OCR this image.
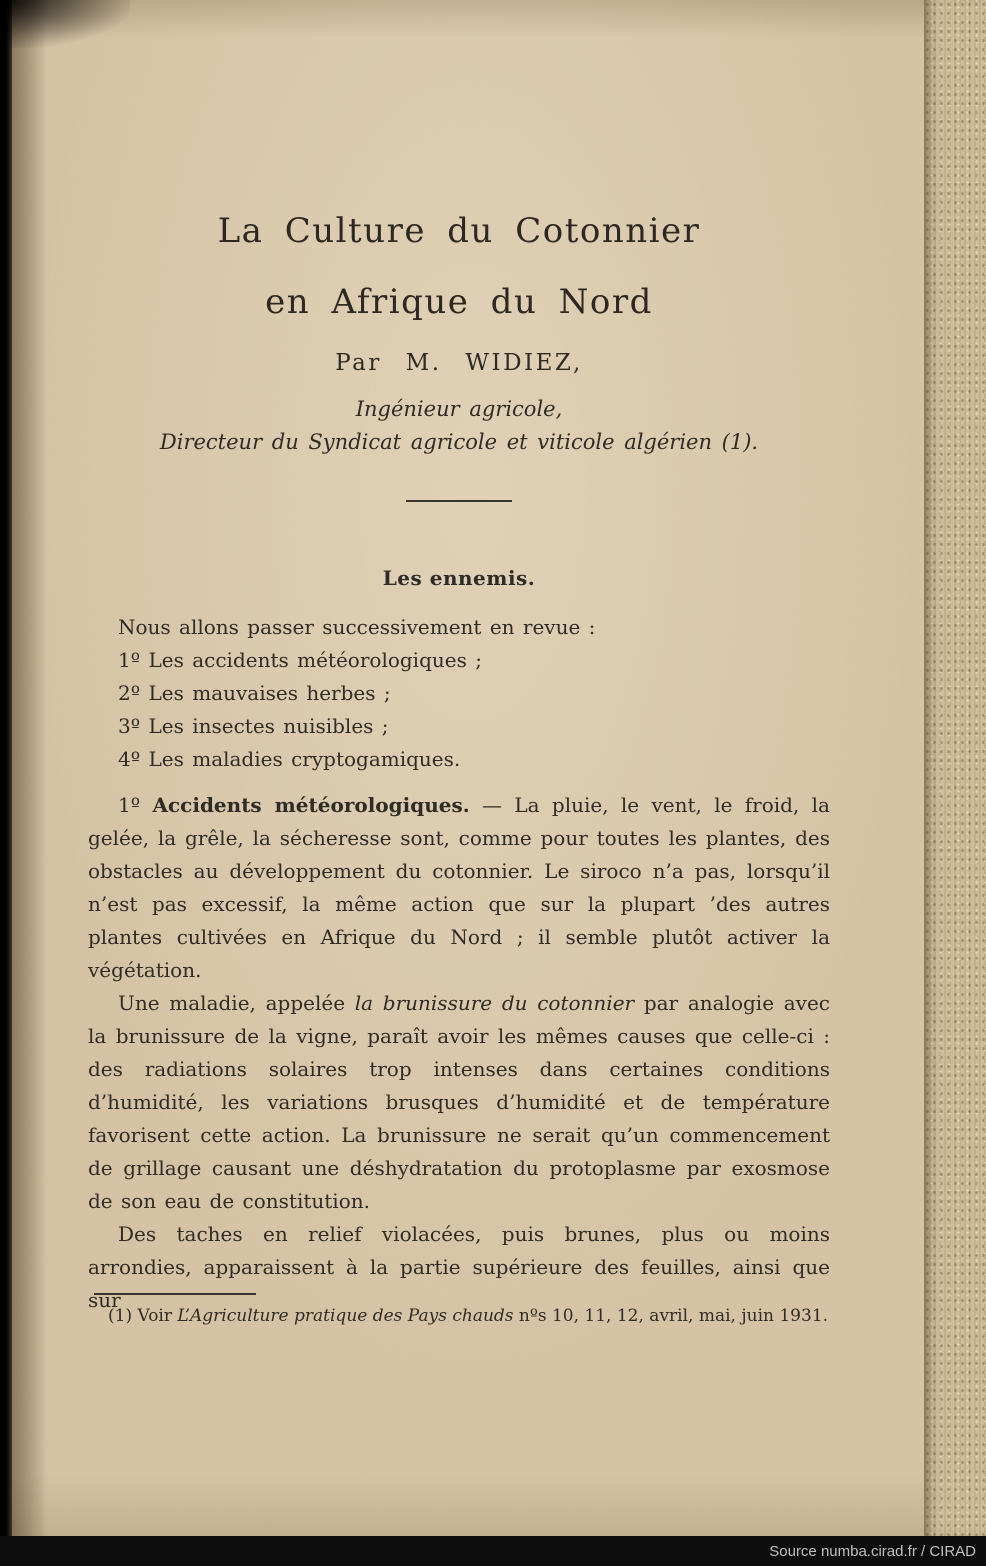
La Culture du Cotonnier
en Afrique du Nord
Par M. WIDIEZ,
Ingénieur agricole,
Directeur du Syndicat agricole et viticole algérien (1).
Les ennemis.

Nous allons passer successivement en revue :

1º Les accidents météorologiques ;
2º Les mauvaises herbes ;
3º Les insectes nuisibles ;
4º Les maladies cryptogamiques.

1º Accidents météorologiques. — La pluie, le vent, le froid, la gelée, la grêle, la sécheresse sont, comme pour toutes les plantes, des obstacles au développement du cotonnier. Le siroco n’a pas, lorsqu’il n’est pas excessif, la même action que sur la plupart ’des autres plantes cultivées en Afrique du Nord ; il semble plutôt activer la végétation.

Une maladie, appelée la brunissure du cotonnier par analogie avec la brunissure de la vigne, paraît avoir les mêmes causes que celle-ci : des radiations solaires trop intenses dans certaines conditions d’humidité, les variations brusques d’humidité et de température favorisent cette action. La brunissure ne serait qu’un commencement de grillage causant une déshydratation du protoplasme par exosmose de son eau de constitution.

Des taches en relief violacées, puis brunes, plus ou moins arrondies, apparaissent à la partie supérieure des feuilles, ainsi que sur

(1) Voir L’Agriculture pratique des Pays chauds nºs 10, 11, 12, avril, mai, juin 1931.

Source numba.cirad.fr / CIRAD
